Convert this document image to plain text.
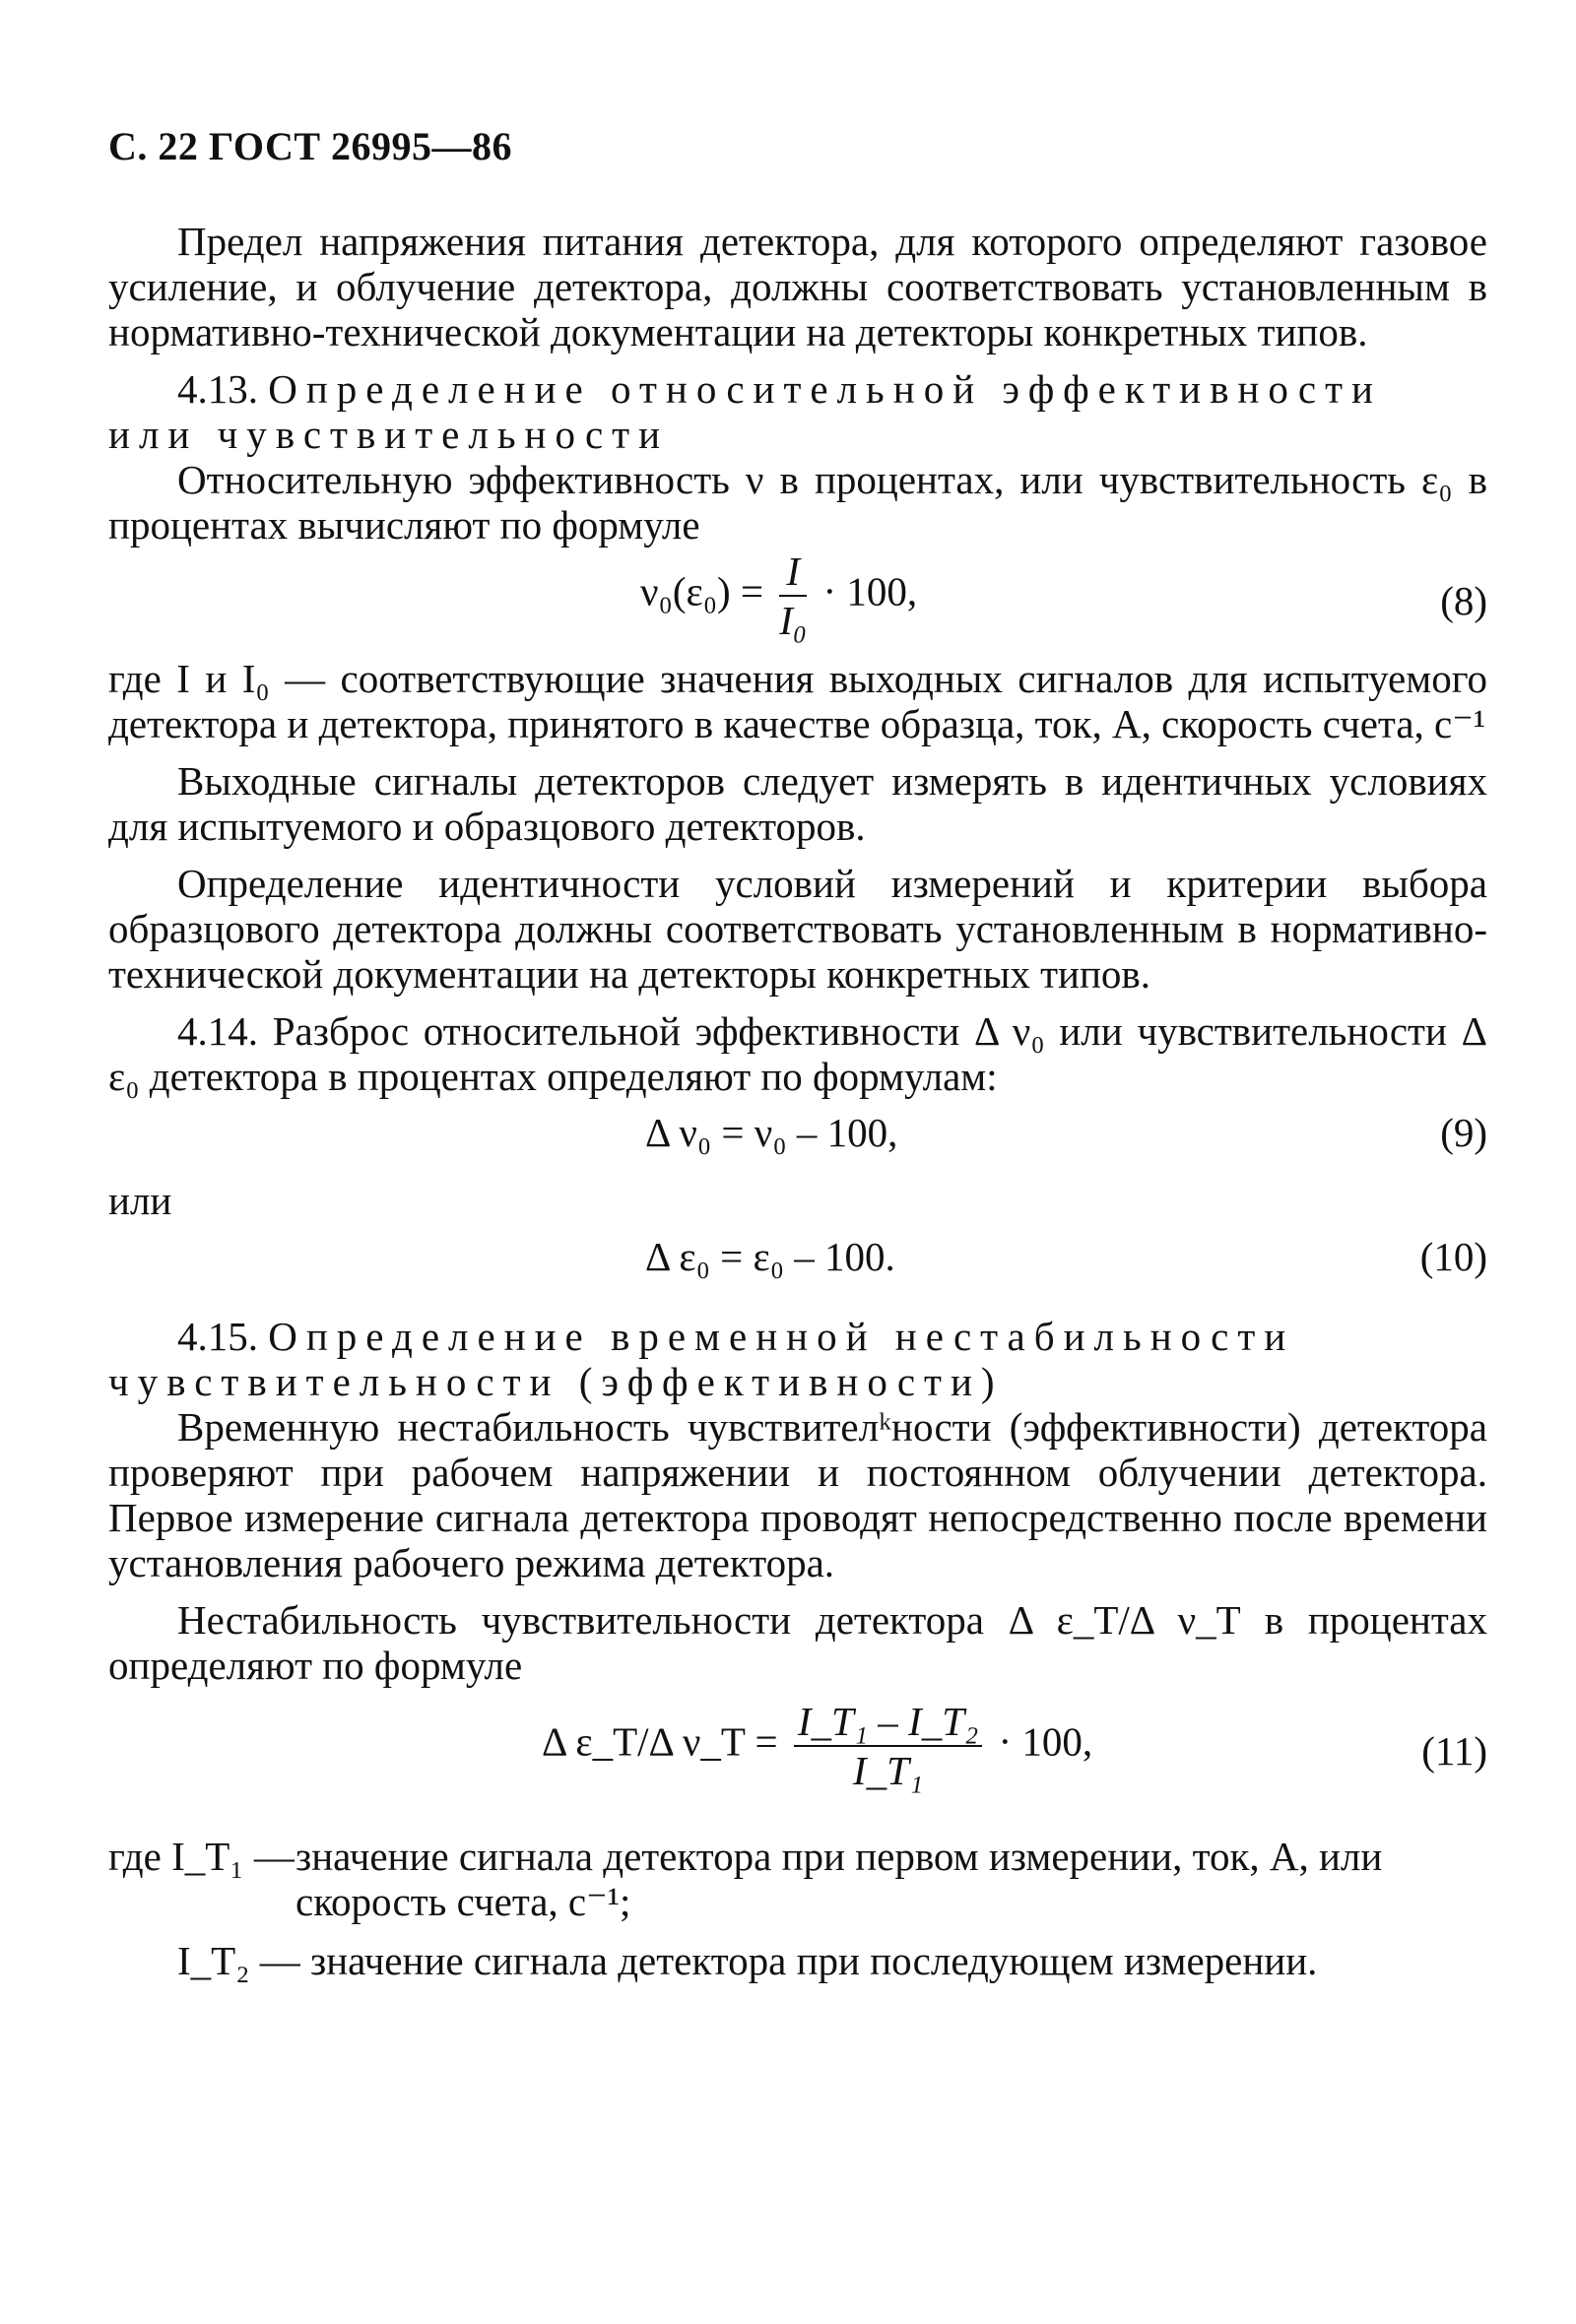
С. 22 ГОСТ 26995—86

Предел напряжения питания детектора, для которого определяют газовое усиление, и облучение детектора, должны соответствовать установленным в нормативно-технической документации на детекторы конкретных типов.

4.13. Определение относительной эффективности или чувствительности

Относительную эффективность ν в процентах, или чувствительность ε₀ в процентах вычисляют по формуле

$\nu_0(\varepsilon_0) = \frac{I}{\text{I₀}} \cdot 100$,	(8)

где I и I₀ — соответствующие значения выходных сигналов для испытуемого детектора и детектора, принятого в качестве образца, ток, А, скорость счета, с⁻¹

Выходные сигналы детекторов следует измерять в идентичных условиях для испытуемого и образцового детекторов.

Определение идентичности условий измерений и критерии выбора образцового детектора должны соответствовать установленным в нормативно-технической документации на детекторы конкретных типов.

4.14. Разброс относительной эффективности Δ ν₀ или чувствительности Δ ε₀ детектора в процентах определяют по формулам:

Δ ν₀ = ν₀ – 100,	(9)

или

Δ ε₀ = ε₀ – 100.	(10)
4.15. Определение временной нестабильности чувствительности (эффективности)

Временную нестабильность чувствителᵏности (эффективности) детектора проверяют при рабочем напряжении и постоянном облучении детектора. Первое измерение сигнала детектора проводят непосредственно после времени установления рабочего режима детектора.

Нестабильность чувствительности детектора Δ ε_T/Δ ν_T в процентах определяют по формуле

Δ ε_T/Δ ν_T = $\frac{\text{I\_T₁ – I\_T₂}}{\text{I\_T₁}} \cdot 100$,	(11)
где I_T₁ — значение сигнала детектора при первом измерении, ток, А, или скорость счета, с⁻¹;
I_T₂ — значение сигнала детектора при последующем измерении.
